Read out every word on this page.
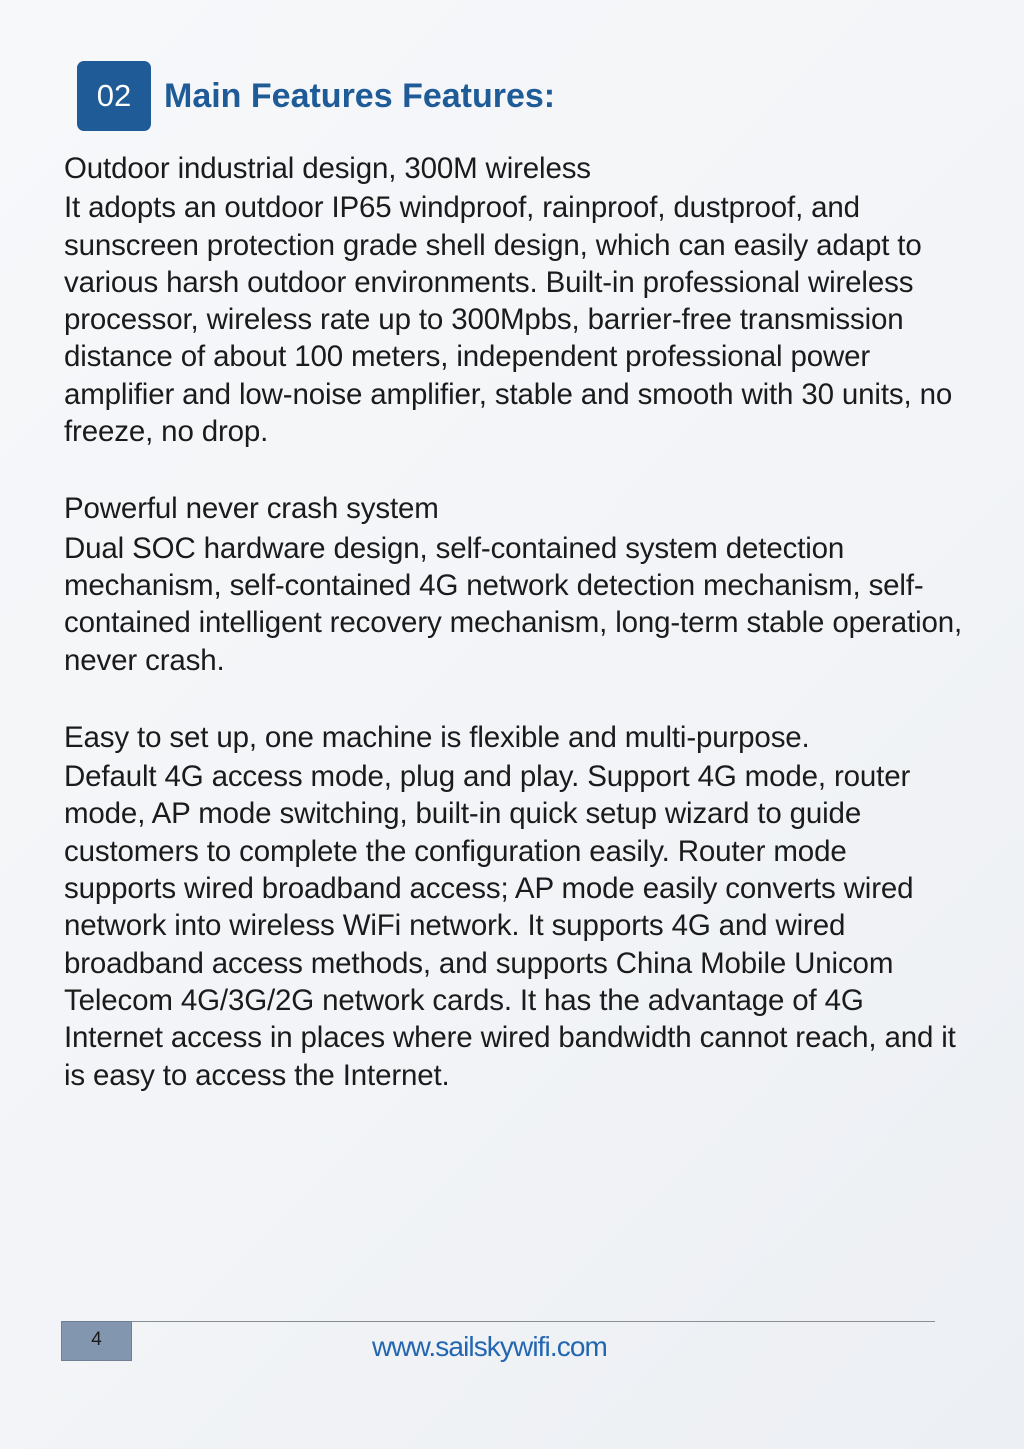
02 Main Features Features:

Outdoor industrial design, 300M wireless

It adopts an outdoor IP65 windproof, rainproof, dustproof, and sunscreen protection grade shell design, which can easily adapt to various harsh outdoor environments. Built-in professional wireless processor, wireless rate up to 300Mpbs, barrier-free transmission distance of about 100 meters, independent professional power amplifier and low-noise amplifier, stable and smooth with 30 units, no freeze, no drop.

Powerful never crash system

Dual SOC hardware design, self-contained system detection mechanism, self-contained 4G network detection mechanism, self-contained intelligent recovery mechanism, long-term stable operation, never crash.

Easy to set up, one machine is flexible and multi-purpose.

Default 4G access mode, plug and play. Support 4G mode, router mode, AP mode switching, built-in quick setup wizard to guide customers to complete the configuration easily. Router mode supports wired broadband access; AP mode easily converts wired network into wireless WiFi network. It supports 4G and wired broadband access methods, and supports China Mobile Unicom Telecom 4G/3G/2G network cards. It has the advantage of 4G Internet access in places where wired bandwidth cannot reach, and it is easy to access the Internet.

4	www.sailskywifi.com
